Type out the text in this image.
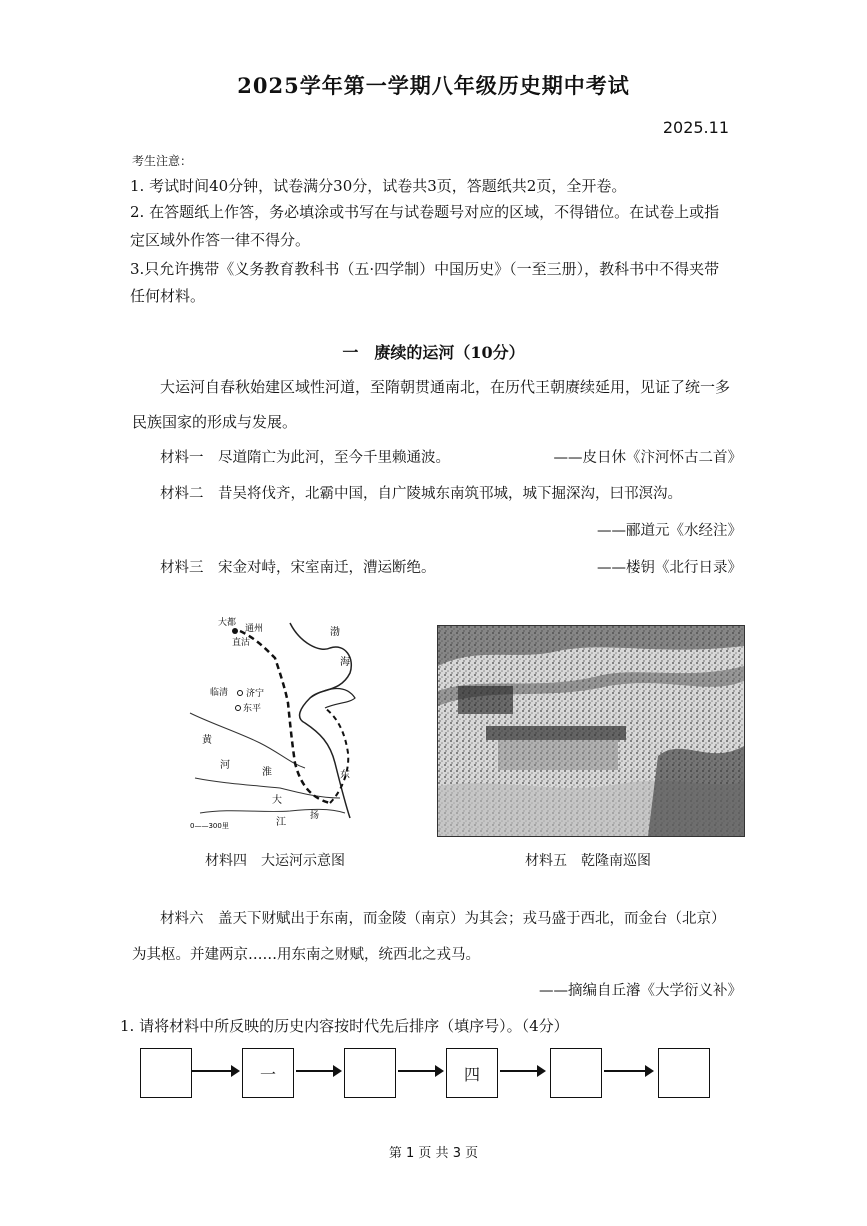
2025学年第一学期八年级历史期中考试
2025.11
考生注意：
1. 考试时间40分钟，试卷满分30分，试卷共3页，答题纸共2页，全开卷。
2. 在答题纸上作答，务必填涂或书写在与试卷题号对应的区域，不得错位。在试卷上或指
定区域外作答一律不得分。
3.只允许携带《义务教育教科书（五·四学制）中国历史》（一至三册），教科书中不得夹带
任何材料。
一　赓续的运河（10分）
大运河自春秋始建区域性河道，至隋朝贯通南北，在历代王朝赓续延用，见证了统一多
民族国家的形成与发展。
材料一　尽道隋亡为此河，至今千里赖通波。	——皮日休《汴河怀古二首》
材料二　昔吴将伐齐，北霸中国，自广陵城东南筑邗城，城下掘深沟，曰邗溟沟。
——郦道元《水经注》
材料三　宋金对峙，宋室南迁，漕运断绝。	——楼钥《北行日录》
大都
通州
直沽
临清 济宁
东平
渤
海
黄
河
淮	东
大
江
扬
0——300里
材料四　大运河示意图	材料五　乾隆南巡图
材料六　盖天下财赋出于东南，而金陵（南京）为其会；戎马盛于西北，而金台（北京）
为其枢。并建两京……用东南之财赋，统西北之戎马。
——摘编自丘濬《大学衍义补》
1. 请将材料中所反映的历史内容按时代先后排序（填序号）。（4分）
一	四
第 1 页 共 3 页
